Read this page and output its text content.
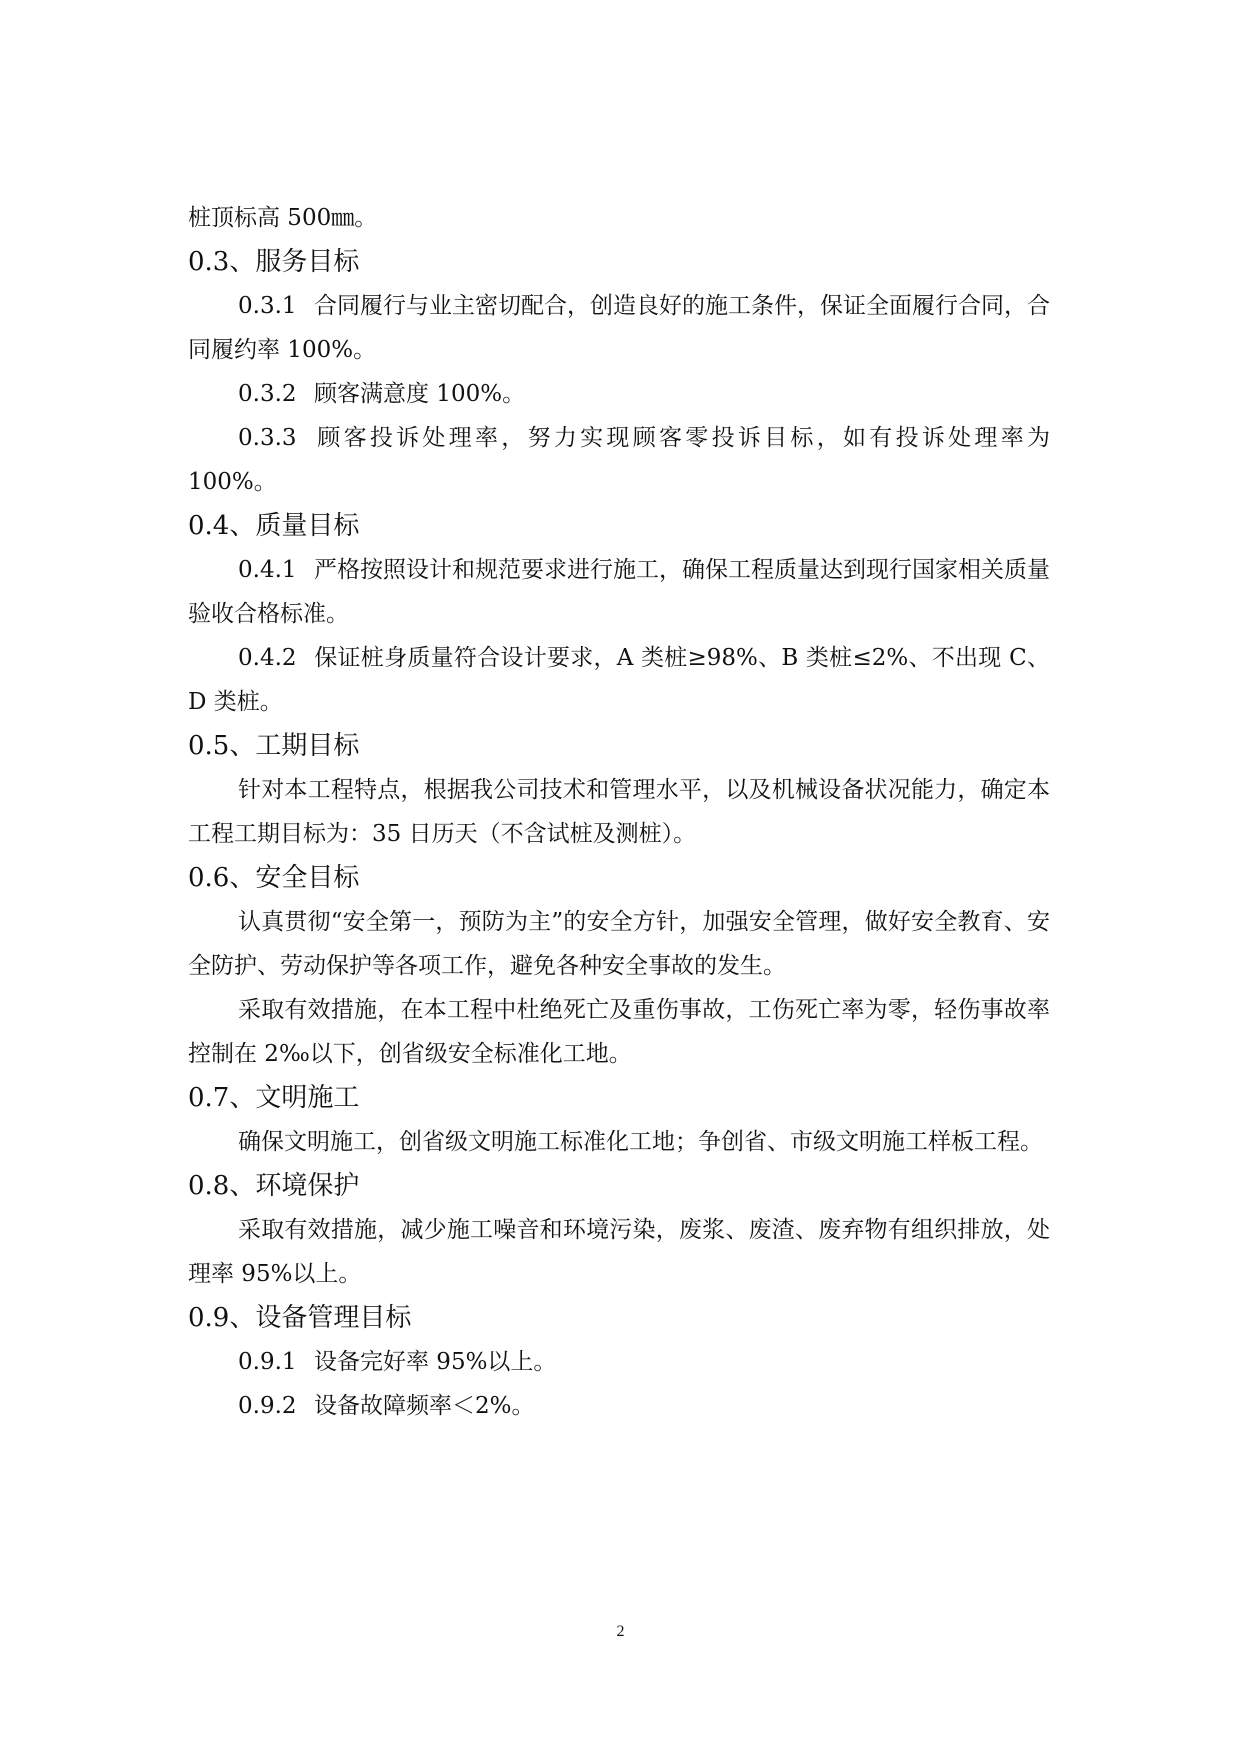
桩顶标高 500㎜。

0.3、服务目标

0.3.1 合同履行与业主密切配合，创造良好的施工条件，保证全面履行合同，合同履约率 100%。

0.3.2 顾客满意度 100%。

0.3.3 顾客投诉处理率，努力实现顾客零投诉目标，如有投诉处理率为 100%。

0.4、质量目标

0.4.1 严格按照设计和规范要求进行施工，确保工程质量达到现行国家相关质量验收合格标准。

0.4.2 保证桩身质量符合设计要求，A 类桩≥98%、B 类桩≤2%、不出现 C、D 类桩。

0.5、工期目标

针对本工程特点，根据我公司技术和管理水平，以及机械设备状况能力，确定本工程工期目标为：35 日历天（不含试桩及测桩）。

0.6、安全目标

认真贯彻“安全第一，预防为主”的安全方针，加强安全管理，做好安全教育、安全防护、劳动保护等各项工作，避免各种安全事故的发生。

采取有效措施，在本工程中杜绝死亡及重伤事故，工伤死亡率为零，轻伤事故率控制在 2‰以下，创省级安全标准化工地。

0.7、文明施工

确保文明施工，创省级文明施工标准化工地；争创省、市级文明施工样板工程。

0.8、环境保护

采取有效措施，减少施工噪音和环境污染，废浆、废渣、废弃物有组织排放，处理率 95%以上。

0.9、设备管理目标

0.9.1 设备完好率 95%以上。

0.9.2 设备故障频率＜2%。

2
